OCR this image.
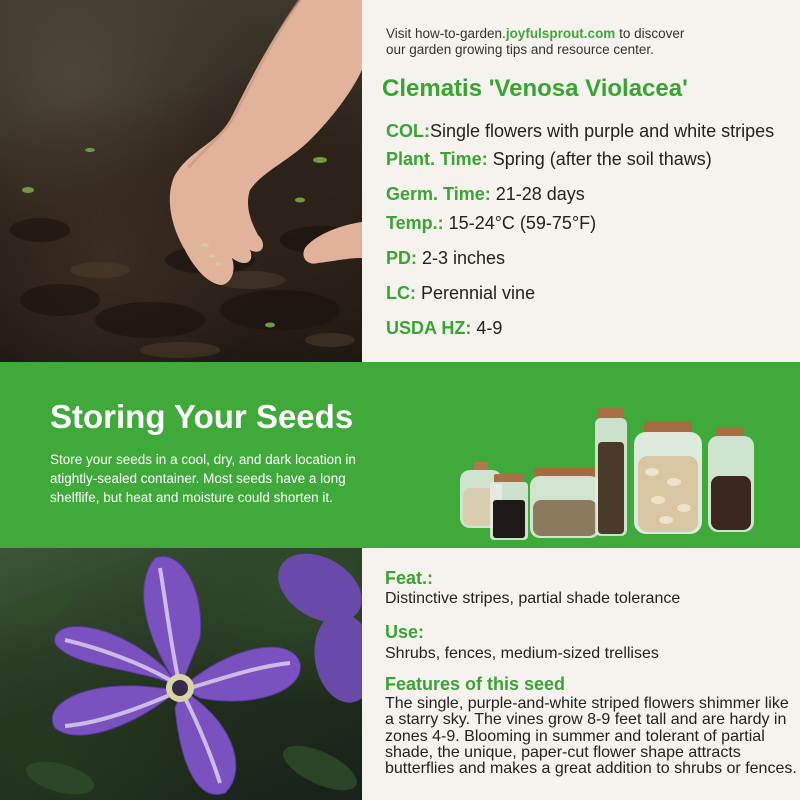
Visit how-to-garden.joyfulsprout.com to discover
our garden growing tips and resource center.
Clematis 'Venosa Violacea'
COL:Single flowers with purple and white stripes
Plant. Time: Spring (after the soil thaws)
Germ. Time: 21-28 days
Temp.: 15-24°C (59-75°F)
PD: 2-3 inches
LC: Perennial vine
USDA HZ: 4-9
Storing Your Seeds
Store your seeds in a cool, dry, and dark location in atightly-sealed container. Most seeds have a long shelflife, but heat and moisture could shorten it.
Feat.:
Distinctive stripes, partial shade tolerance
Use:
Shrubs, fences, medium-sized trellises
Features of this seed
The single, purple-and-white striped flowers shimmer like a starry sky. The vines grow 8-9 feet tall and are hardy in zones 4-9. Blooming in summer and tolerant of partial shade, the unique, paper-cut flower shape attracts butterflies and makes a great addition to shrubs or fences.
